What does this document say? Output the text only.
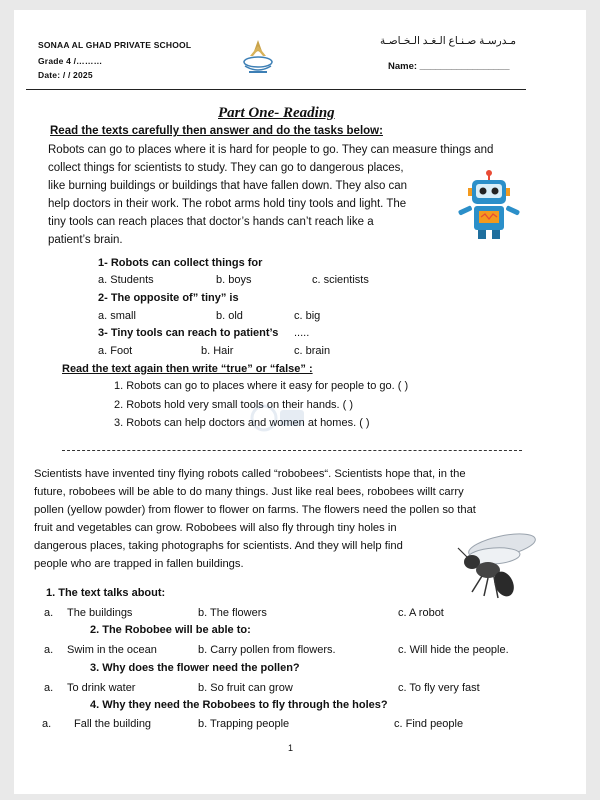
SONAA AL GHAD PRIVATE SCHOOL
Grade 4 /………
Date: / / 2025
مـدرسـة صـنـاع الـغـد الـخـاصـة
Name: _________________
Part One- Reading
Read the texts carefully then answer and do the tasks below:
Robots can go to places where it is hard for people to go. They can measure things and
collect things for scientists to study. They can go to dangerous places,
like burning buildings or buildings that have fallen down. They also can
help doctors in their work. The robot arms hold tiny tools and light. The
tiny tools can reach places that doctor’s hands can’t reach like a
patient’s brain.
1- Robots can collect things for
a. Students	b. boys	c. scientists
2- The opposite of” tiny” is
a. small	b. old	c. big
3- Tiny tools can reach to patient’s .....
a. Foot	b. Hair	c. brain
Read the text again then write “true” or “false” :
1. Robots can go to places where it easy for people to go. ( )
2. Robots hold very small tools on their hands. ( )
3. Robots can help doctors and women at homes. ( )
Scientists have invented tiny flying robots called “robobees“. Scientists hope that, in the
future, robobees will be able to do many things. Just like real bees, robobees willt carry
pollen (yellow powder) from flower to flower on farms. The flowers need the pollen so that
fruit and vegetables can grow. Robobees will also fly through tiny holes in
dangerous places, taking photographs for scientists. And they will help find
people who are trapped in fallen buildings.
1. The text talks about:
a. The buildings	b. The flowers	c. A robot
2. The Robobee will be able to:
a. Swim in the ocean	b. Carry pollen from flowers.	c. Will hide the people.
3. Why does the flower need the pollen?
a. To drink water	b. So fruit can grow	c. To fly very fast
4. Why they need the Robobees to fly through the holes?
a. Fall the building	b. Trapping people	c. Find people
1
